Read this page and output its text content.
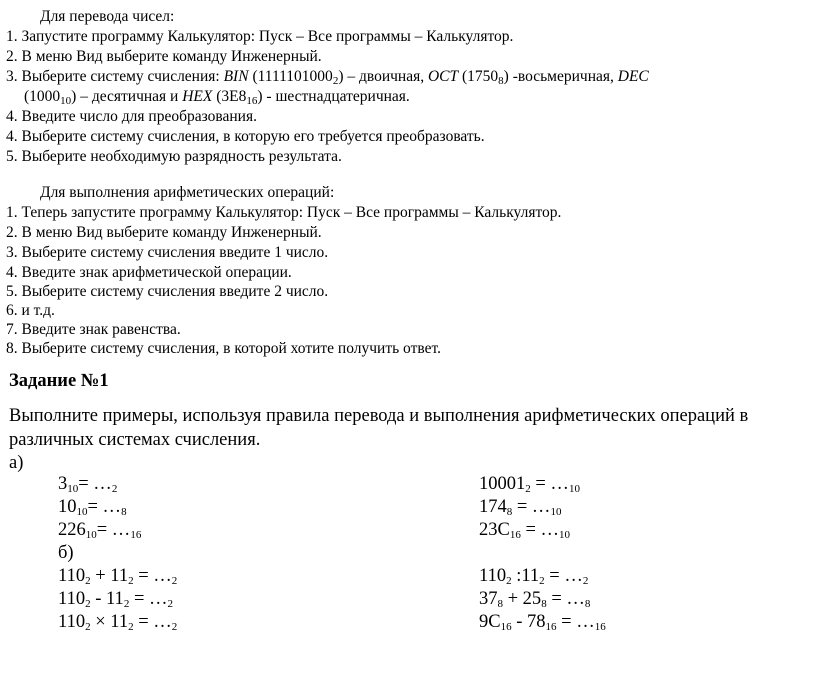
Для перевода чисел:
1. Запустите программу Калькулятор: Пуск – Все программы – Калькулятор.
2. В меню Вид выберите команду Инженерный.
3. Выберите систему счисления: BIN $(1111101000_2)$ – двоичная, OCT $(1750_8)$ -восьмеричная, DEC
$(1000_{10})$ – десятичная и HEX $(3E8_{16})$ - шестнадцатеричная.
4. Введите число для преобразования.
4. Выберите систему счисления, в которую его требуется преобразовать.
5. Выберите необходимую разрядность результата.
Для выполнения арифметических операций:
1. Теперь запустите программу Калькулятор: Пуск – Все программы – Калькулятор.
2. В меню Вид выберите команду Инженерный.
3. Выберите систему счисления введите 1 число.
4. Введите знак арифметической операции.
5. Выберите систему счисления введите 2 число.
6. и т.д.
7. Введите знак равенства.
8. Выберите систему счисления, в которой хотите получить ответ.
Задание №1
Выполните примеры, используя правила перевода и выполнения арифметических операций в
различных системах счисления.
а)
$3_{10}=$ $\dots_2$
$10_{10}=$ $\dots_8$
$226_{10}=$ $\dots_{16}$
$10001_2$ = $\dots_{10}$
$174_8$ = $\dots_{10}$
$23C_{16}$ = $\dots_{10}$
б)
$110_2 + 11_2$ = $\dots_2$
$110_2 - 11_2$ = $\dots_2$
$110_2 \times 11_2$ = $\dots_2$
$110_2$ $:11_2$ = $\dots_2$
$37_8 + 25_8$ = $\dots_8$
$9C_{16} - 78_{16}$ = $\dots_{16}$
